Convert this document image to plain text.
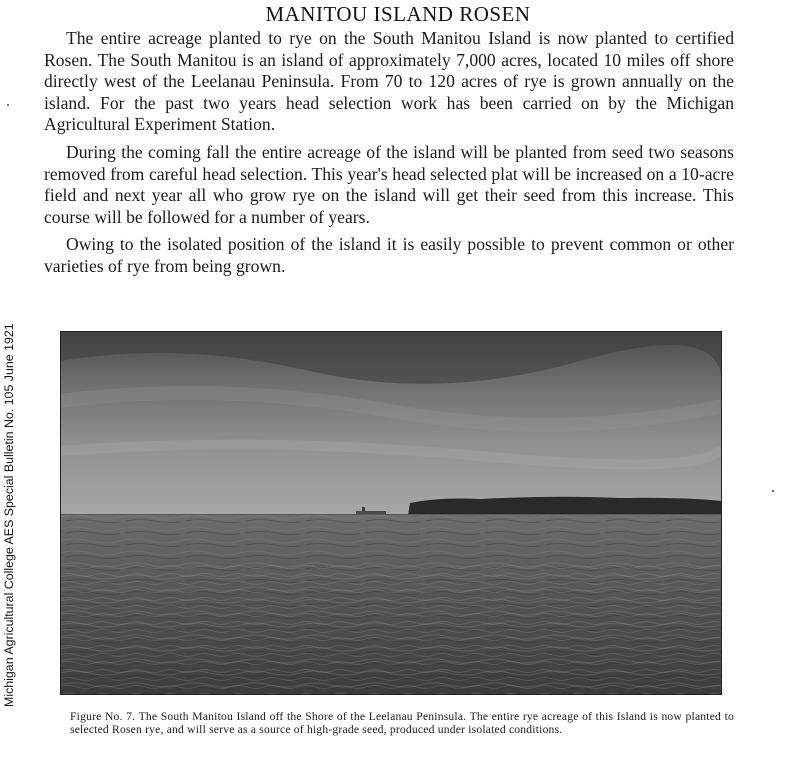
MANITOU ISLAND ROSEN

The entire acreage planted to rye on the South Manitou Island is now planted to certified Rosen. The South Manitou is an island of approximately 7,000 acres, located 10 miles off shore directly west of the Leelanau Peninsula. From 70 to 120 acres of rye is grown annually on the island. For the past two years head selection work has been carried on by the Michigan Agricultural Experiment Station.

During the coming fall the entire acreage of the island will be planted from seed two seasons removed from careful head selection. This year's head selected plat will be increased on a 10-acre field and next year all who grow rye on the island will get their seed from this increase. This course will be followed for a number of years.

Owing to the isolated position of the island it is easily possible to prevent common or other varieties of rye from being grown.

Michigan Agricultural College AES Special Bulletin No. 105 June 1921
Figure No. 7. The South Manitou Island off the Shore of the Leelanau Peninsula. The entire rye acreage of this Island is now planted to selected Rosen rye, and will serve as a source of high-grade seed, produced under isolated conditions.
